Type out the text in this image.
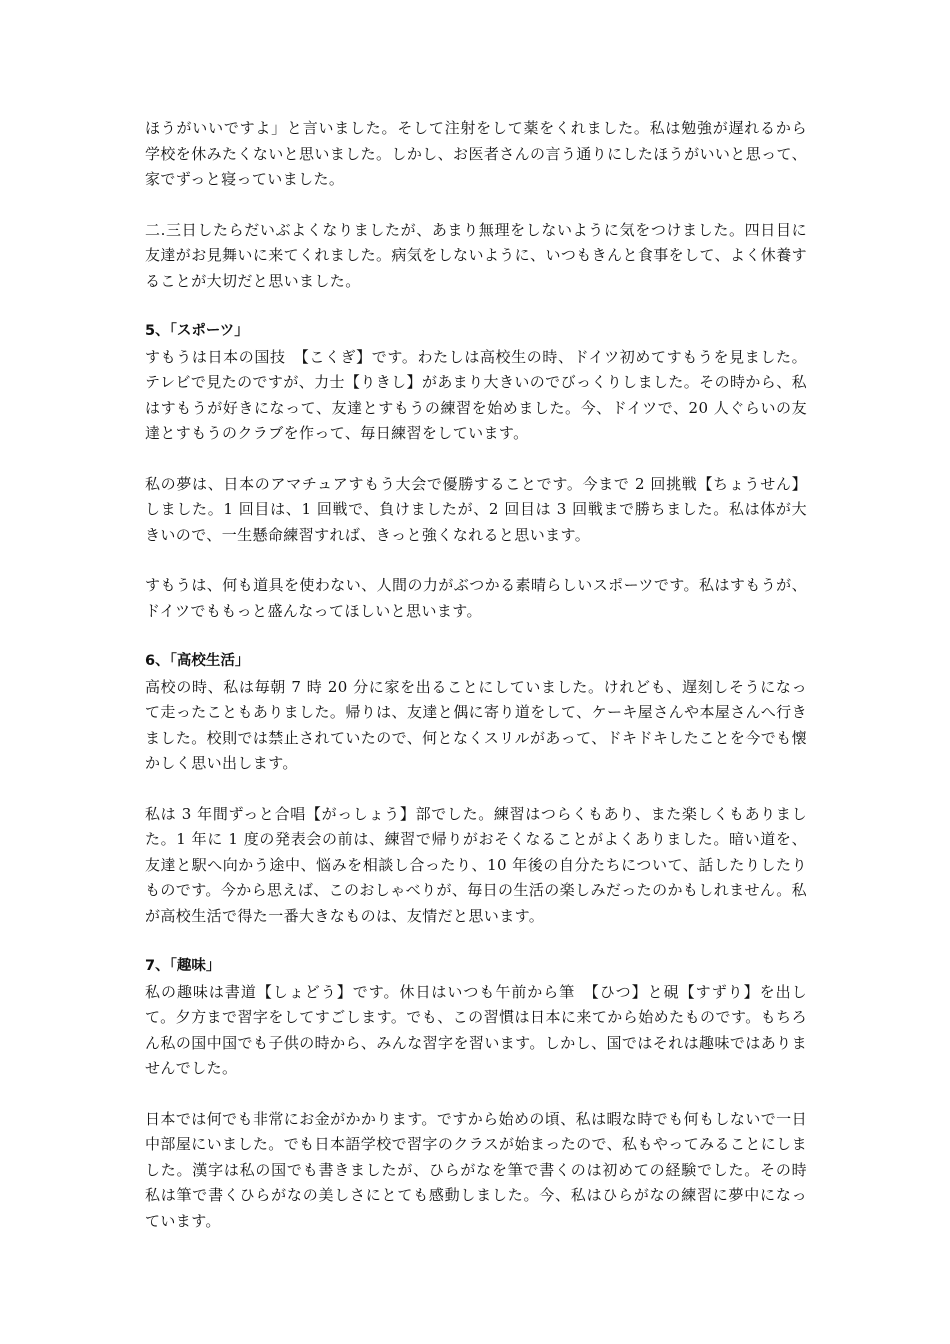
ほうがいいですよ」と言いました。そして注射をして薬をくれました。私は勉強が遅れるから学校を休みたくないと思いました。しかし、お医者さんの言う通りにしたほうがいいと思って、家でずっと寝っていました。

二.三日したらだいぶよくなりましたが、あまり無理をしないように気をつけました。四日目に友達がお見舞いに来てくれました。病気をしないように、いつもきんと食事をして、よく休養することが大切だと思いました。

5、「スポーツ」

すもうは日本の国技　【こくぎ】です。わたしは高校生の時、ドイツ初めてすもうを見ました。テレビで見たのですが、力士【りきし】があまり大きいのでびっくりしました。その時から、私はすもうが好きになって、友達とすもうの練習を始めました。今、ドイツで、20 人ぐらいの友達とすもうのクラブを作って、毎日練習をしています。

私の夢は、日本のアマチュアすもう大会で優勝することです。今まで 2 回挑戦【ちょうせん】しました。1 回目は、1 回戦で、負けましたが、2 回目は 3 回戦まで勝ちました。私は体が大きいので、一生懸命練習すれば、きっと強くなれると思います。

すもうは、何も道具を使わない、人間の力がぶつかる素晴らしいスポーツです。私はすもうが、ドイツでももっと盛んなってほしいと思います。

6、「高校生活」

高校の時、私は毎朝 7 時 20 分に家を出ることにしていました。けれども、遅刻しそうになって走ったこともありました。帰りは、友達と偶に寄り道をして、ケーキ屋さんや本屋さんへ行きました。校則では禁止されていたので、何となくスリルがあって、ドキドキしたことを今でも懐かしく思い出します。

私は 3 年間ずっと合唱【がっしょう】部でした。練習はつらくもあり、また楽しくもありました。1 年に 1 度の発表会の前は、練習で帰りがおそくなることがよくありました。暗い道を、友達と駅へ向かう途中、悩みを相談し合ったり、10 年後の自分たちについて、話したりしたりものです。今から思えば、このおしゃべりが、毎日の生活の楽しみだったのかもしれません。私が高校生活で得た一番大きなものは、友情だと思います。

7、「趣味」

私の趣味は書道【しょどう】です。休日はいつも午前から筆　【ひつ】と硯【すずり】を出して。夕方まで習字をしてすごします。でも、この習慣は日本に来てから始めたものです。もちろん私の国中国でも子供の時から、みんな習字を習います。しかし、国ではそれは趣味ではありませんでした。

日本では何でも非常にお金がかかります。ですから始めの頃、私は暇な時でも何もしないで一日中部屋にいました。でも日本語学校で習字のクラスが始まったので、私もやってみることにしました。漢字は私の国でも書きましたが、ひらがなを筆で書くのは初めての経験でした。その時私は筆で書くひらがなの美しさにとても感動しました。今、私はひらがなの練習に夢中になっています。
